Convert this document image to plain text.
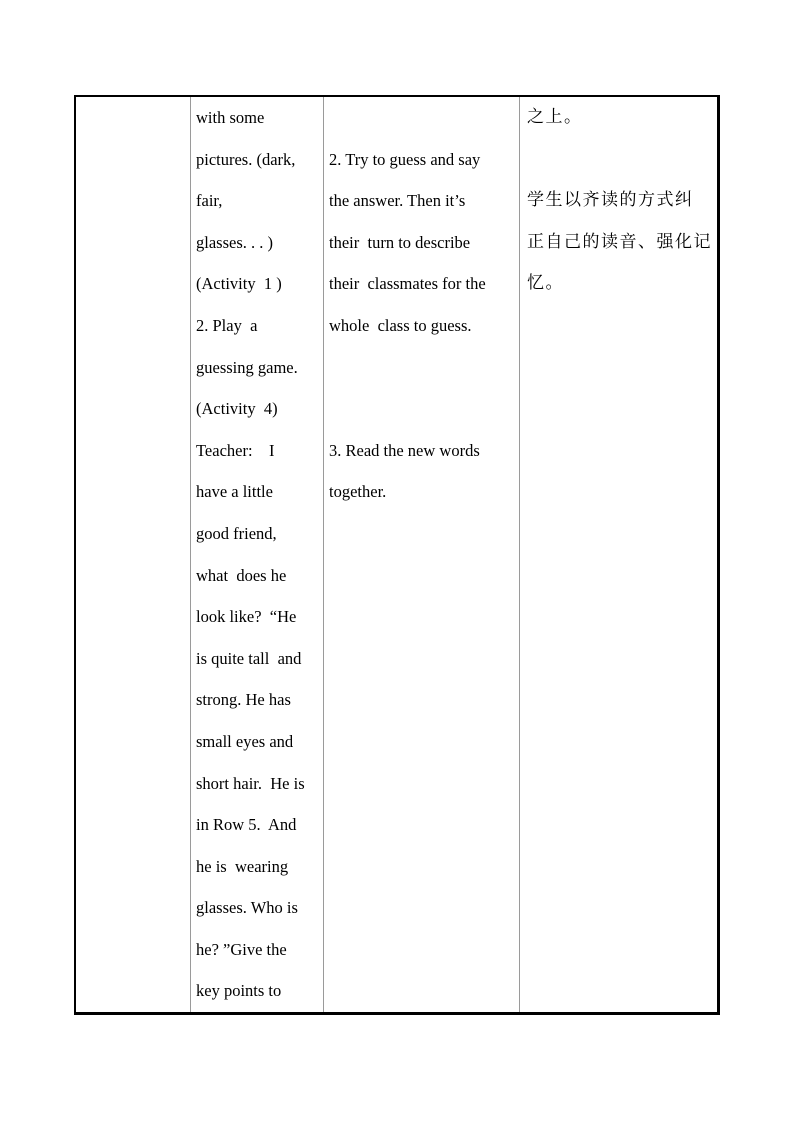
with some
pictures. (dark,
fair,
glasses. . . )
(Activity  1 )
2. Play  a
guessing game.
(Activity  4)
Teacher:    I
have a little
good friend,
what  does he
look like?  “He
is quite tall  and
strong. He has
small eyes and
short hair.  He is
in Row 5.  And
he is  wearing
glasses. Who is
he? ”Give the
key points to
2. Try to guess and say
the answer. Then it’s
their  turn to describe
their  classmates for the
whole  class to guess.
3. Read the new words
together.
之上。
学生以齐读的方式纠
正自己的读音、强化记
忆。
